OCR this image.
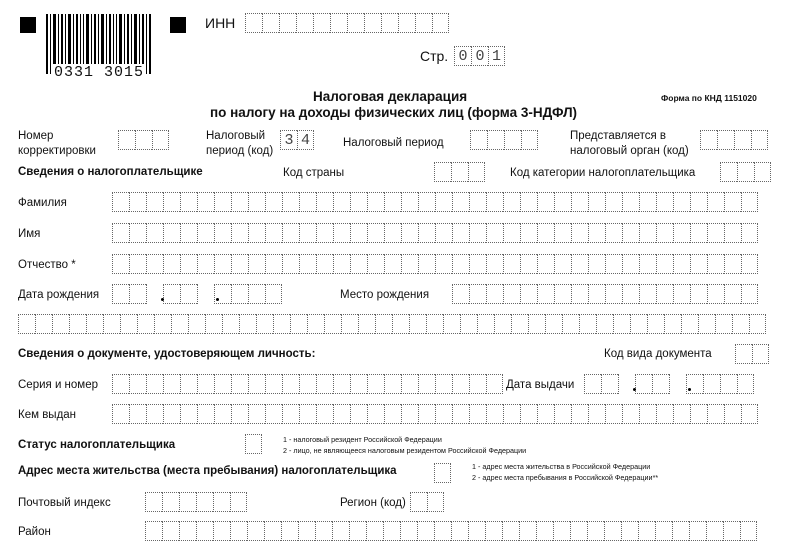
0331 3015
ИНН
Стр. 0 0 1
Налоговая декларация
по налогу на доходы физических лиц (форма 3-НДФЛ)
Форма по КНД 1151020
Номер
корректировки
Налоговый
период (код)
3 4	Налоговый период
Представляется в
налоговый орган (код)
Сведения о налогоплательщике	Код страны	Код категории налогоплательщика
Фамилия
Имя
Отчество *
Дата рождения	Место рождения
Сведения о документе, удостоверяющем личность:	Код вида документа
Серия и номер	Дата выдачи
Кем выдан
Статус налогоплательщика	1 - налоговый резидент Российской Федерации
2 - лицо, не являющееся налоговым резидентом Российской Федерации
Адрес места жительства (места пребывания) налогоплательщика	1 - адрес места жительства в Российской Федерации
2 - адрес места пребывания в Российской Федерации**
Почтовый индекс	Регион (код)
Район
